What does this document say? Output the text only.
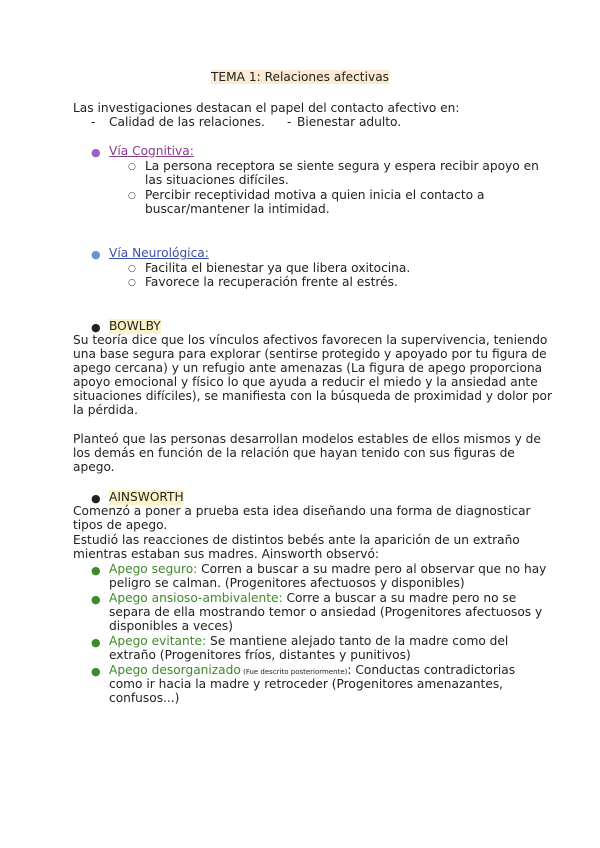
TEMA 1: Relaciones afectivas
Las investigaciones destacan el papel del contacto afectivo en:
- Calidad de las relaciones. - Bienestar adulto.
● Vía Cognitiva:
○ La persona receptora se siente segura y espera recibir apoyo en
las situaciones difíciles.
○ Percibir receptividad motiva a quien inicia el contacto a
buscar/mantener la intimidad.
● Vía Neurológica:
○ Facilita el bienestar ya que libera oxitocina.
○ Favorece la recuperación frente al estrés.
● BOWLBY
Su teoría dice que los vínculos afectivos favorecen la supervivencia, teniendo
una base segura para explorar (sentirse protegido y apoyado por tu figura de
apego cercana) y un refugio ante amenazas (La figura de apego proporciona
apoyo emocional y físico lo que ayuda a reducir el miedo y la ansiedad ante
situaciones difíciles), se manifiesta con la búsqueda de proximidad y dolor por
la pérdida.
Planteó que las personas desarrollan modelos estables de ellos mismos y de
los demás en función de la relación que hayan tenido con sus figuras de
apego.
● AINSWORTH
Comenzó a poner a prueba esta idea diseñando una forma de diagnosticar
tipos de apego.
Estudió las reacciones de distintos bebés ante la aparición de un extraño
mientras estaban sus madres. Ainsworth observó:
● Apego seguro: Corren a buscar a su madre pero al observar que no hay
peligro se calman. (Progenitores afectuosos y disponibles)
● Apego ansioso-ambivalente: Corre a buscar a su madre pero no se
separa de ella mostrando temor o ansiedad (Progenitores afectuosos y
disponibles a veces)
● Apego evitante: Se mantiene alejado tanto de la madre como del
extraño (Progenitores fríos, distantes y punitivos)
● Apego desorganizado (Fue descrito posteriormente): Conductas contradictorias
como ir hacia la madre y retroceder (Progenitores amenazantes,
confusos...)
